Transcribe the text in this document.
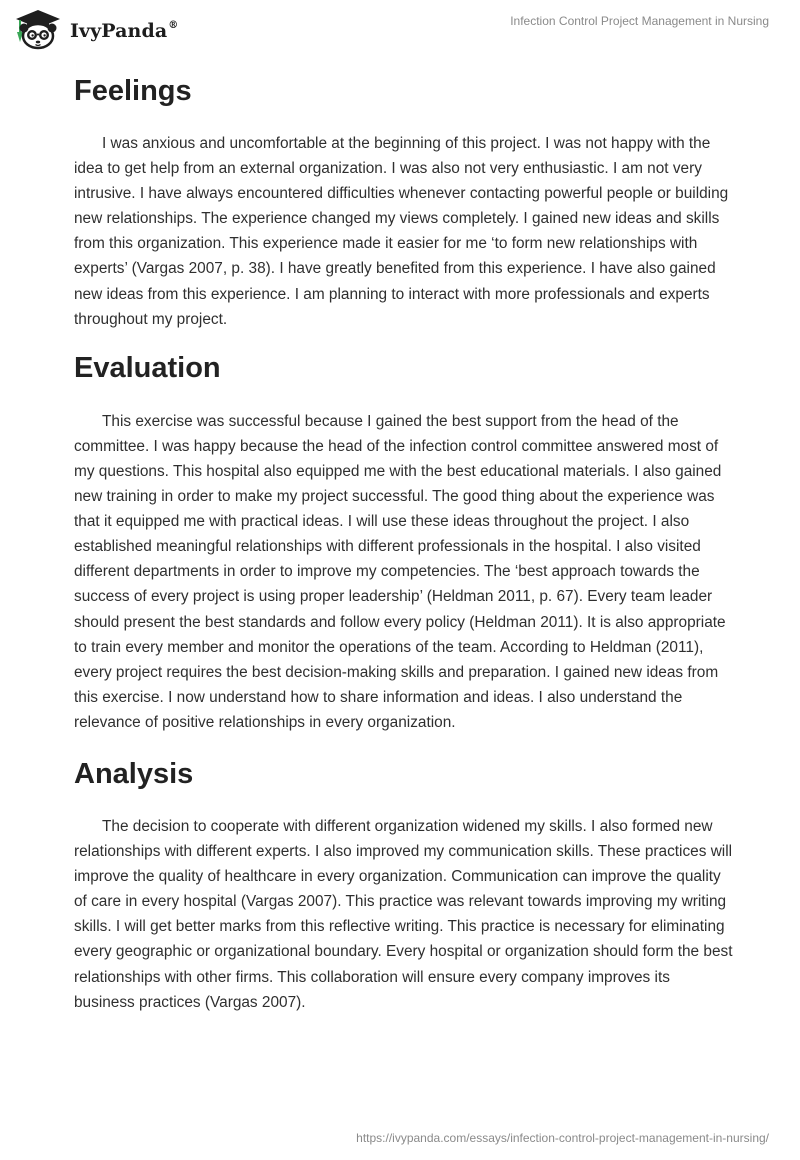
IvyPanda®	Infection Control Project Management in Nursing
Feelings

I was anxious and uncomfortable at the beginning of this project. I was not happy with the idea to get help from an external organization. I was also not very enthusiastic. I am not very intrusive. I have always encountered difficulties whenever contacting powerful people or building new relationships. The experience changed my views completely. I gained new ideas and skills from this organization. This experience made it easier for me ‘to form new relationships with experts’ (Vargas 2007, p. 38). I have greatly benefited from this experience. I have also gained new ideas from this experience. I am planning to interact with more professionals and experts throughout my project.

Evaluation

This exercise was successful because I gained the best support from the head of the committee. I was happy because the head of the infection control committee answered most of my questions. This hospital also equipped me with the best educational materials. I also gained new training in order to make my project successful. The good thing about the experience was that it equipped me with practical ideas. I will use these ideas throughout the project. I also established meaningful relationships with different professionals in the hospital. I also visited different departments in order to improve my competencies. The ‘best approach towards the success of every project is using proper leadership’ (Heldman 2011, p. 67). Every team leader should present the best standards and follow every policy (Heldman 2011). It is also appropriate to train every member and monitor the operations of the team. According to Heldman (2011), every project requires the best decision-making skills and preparation. I gained new ideas from this exercise. I now understand how to share information and ideas. I also understand the relevance of positive relationships in every organization.

Analysis

The decision to cooperate with different organization widened my skills. I also formed new relationships with different experts. I also improved my communication skills. These practices will improve the quality of healthcare in every organization. Communication can improve the quality of care in every hospital (Vargas 2007). This practice was relevant towards improving my writing skills. I will get better marks from this reflective writing. This practice is necessary for eliminating every geographic or organizational boundary. Every hospital or organization should form the best relationships with other firms. This collaboration will ensure every company improves its business practices (Vargas 2007).

https://ivypanda.com/essays/infection-control-project-management-in-nursing/
